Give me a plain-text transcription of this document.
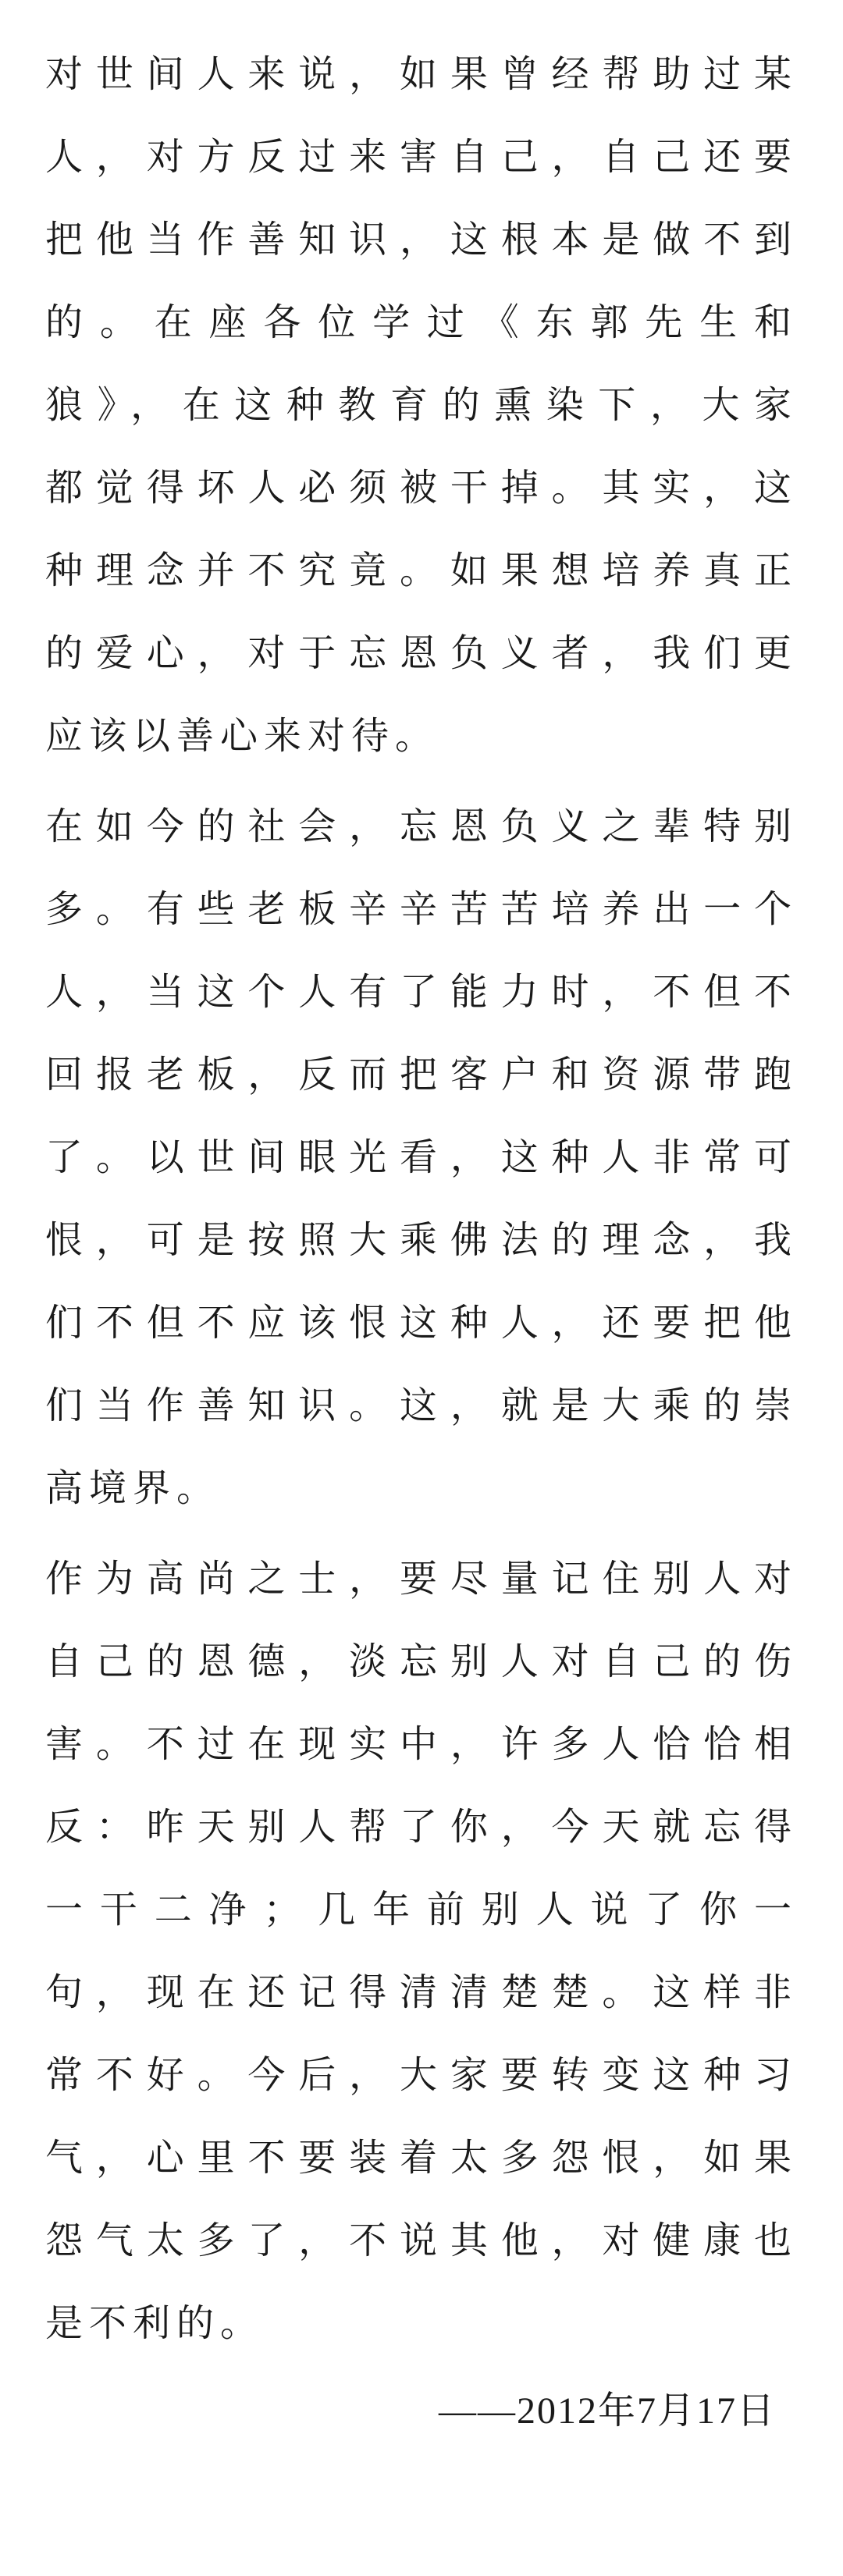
对世间人来说，如果曾经帮助过某
人，对方反过来害自己，自己还要
把他当作善知识，这根本是做不到
的。在座各位学过《东郭先生和
狼》，在这种教育的熏染下，大家
都觉得坏人必须被干掉。其实，这
种理念并不究竟。如果想培养真正
的爱心，对于忘恩负义者，我们更
应该以善心来对待。
在如今的社会，忘恩负义之辈特别
多。有些老板辛辛苦苦培养出一个
人，当这个人有了能力时，不但不
回报老板，反而把客户和资源带跑
了。以世间眼光看，这种人非常可
恨，可是按照大乘佛法的理念，我
们不但不应该恨这种人，还要把他
们当作善知识。这，就是大乘的崇
高境界。
作为高尚之士，要尽量记住别人对
自己的恩德，淡忘别人对自己的伤
害。不过在现实中，许多人恰恰相
反：昨天别人帮了你，今天就忘得
一干二净；几年前别人说了你一
句，现在还记得清清楚楚。这样非
常不好。今后，大家要转变这种习
气，心里不要装着太多怨恨，如果
怨气太多了，不说其他，对健康也
是不利的。
——2012年7月17日
